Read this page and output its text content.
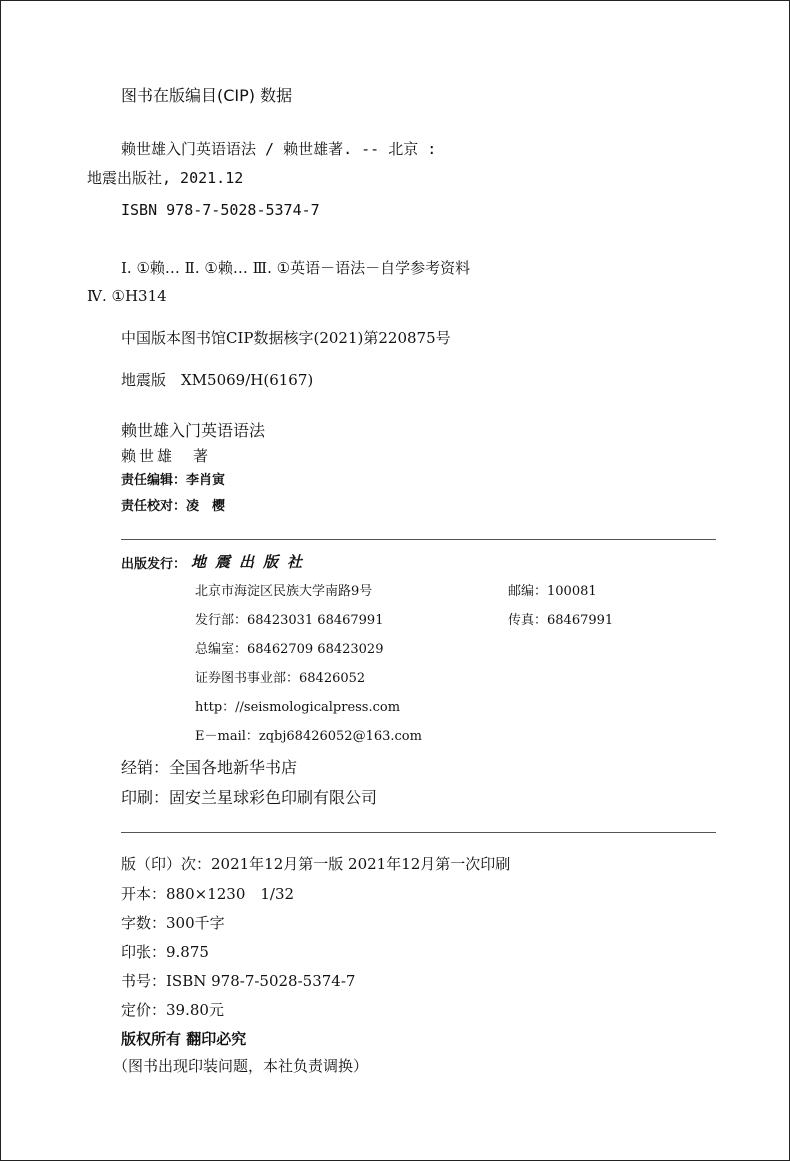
图书在版编目(CIP) 数据
赖世雄入门英语语法 / 赖世雄著. -- 北京 :
地震出版社, 2021.12
ISBN 978-7-5028-5374-7
Ⅰ. ①赖… Ⅱ. ①赖… Ⅲ. ①英语－语法－自学参考资料
Ⅳ. ①H314
中国版本图书馆CIP数据核字(2021)第220875号
地震版　XM5069/H(6167)
赖世雄入门英语语法
赖世雄　著
责任编辑：李肖寅
责任校对：凌　樱
出版发行： 地震出版社
北京市海淀区民族大学南路9号	邮编：100081
发行部：68423031 68467991	传真：68467991
总编室：68462709 68423029
证券图书事业部：68426052
http：//seismologicalpress.com
E－mail：zqbj68426052@163.com
经销：全国各地新华书店
印刷：固安兰星球彩色印刷有限公司
版（印）次：2021年12月第一版 2021年12月第一次印刷
开本：880×1230　1/32
字数：300千字
印张：9.875
书号：ISBN 978-7-5028-5374-7
定价：39.80元
版权所有 翻印必究
（图书出现印装问题，本社负责调换）
